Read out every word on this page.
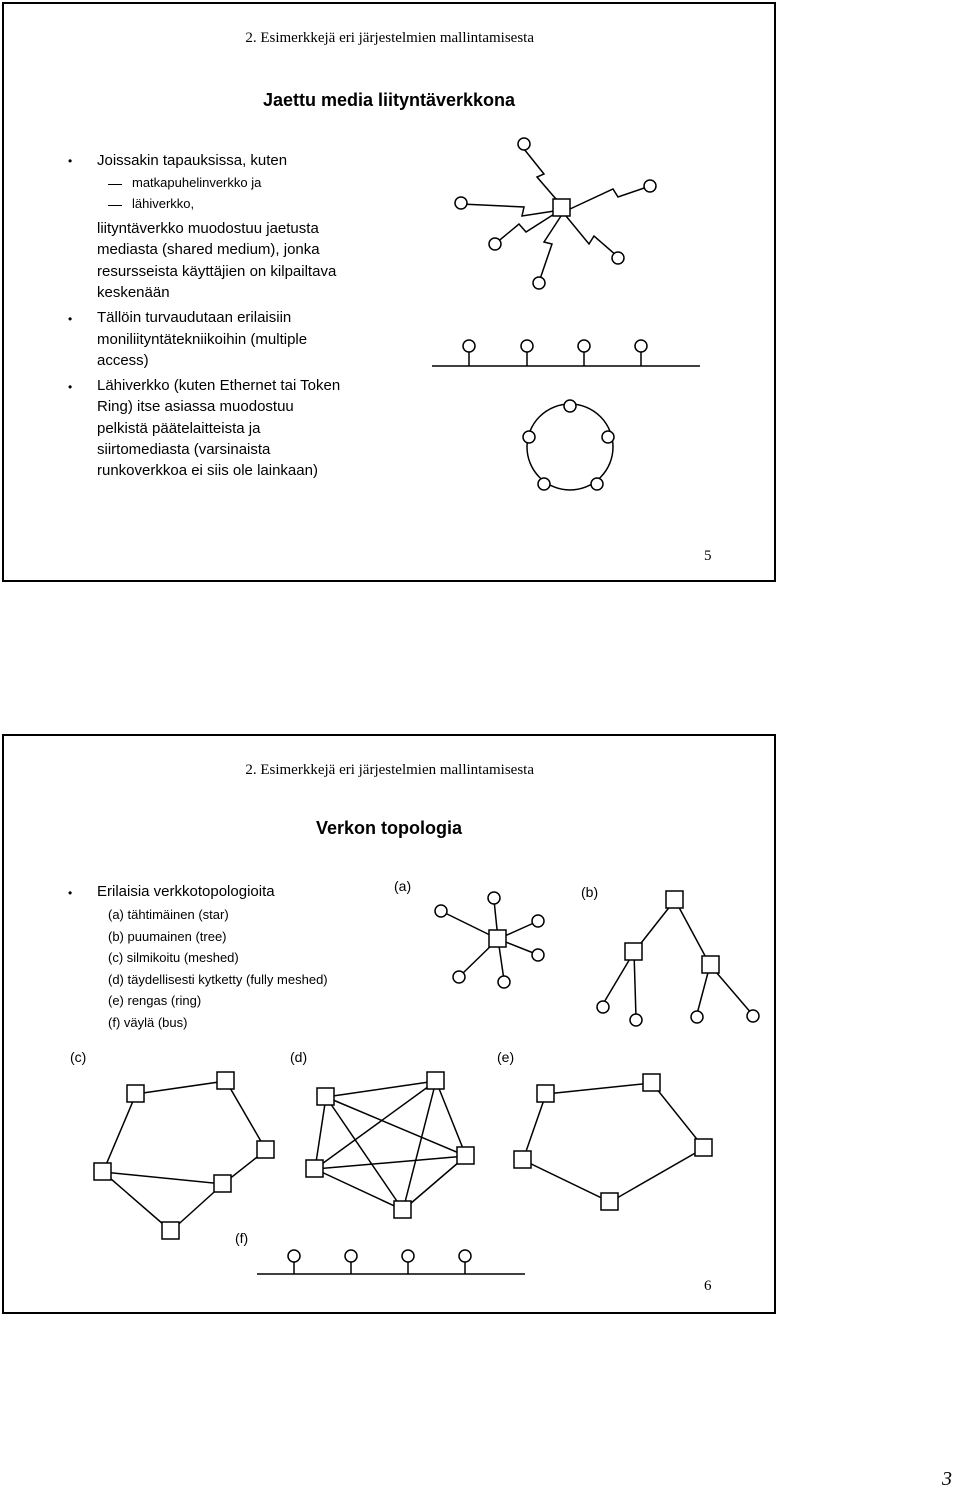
2. Esimerkkejä eri järjestelmien mallintamisesta
Jaettu media liityntäverkkona
• Joissakin tapauksissa, kuten
matkapuhelinverkko ja
lähiverkko,
liityntäverkko muodostuu jaetusta
mediasta (shared medium), jonka
resursseista käyttäjien on kilpailtava
keskenään
• Tällöin turvaudutaan erilaisiin
moniliityntätekniikoihin (multiple
access)
• Lähiverkko (kuten Ethernet tai Token
Ring) itse asiassa muodostuu
pelkistä päätelaitteista ja
siirtomediasta (varsinaista
runkoverkkoa ei siis ole lainkaan)
5
2. Esimerkkejä eri järjestelmien mallintamisesta
Verkon topologia
• Erilaisia verkkotopologioita
(a) tähtimäinen (star)
(b) puumainen (tree)
(c) silmikoitu (meshed)
(d) täydellisesti kytketty (fully meshed)
(e) rengas (ring)
(f) väylä (bus)
(a)	(b)
(c)	(d)	(e)
(f)
6
3
